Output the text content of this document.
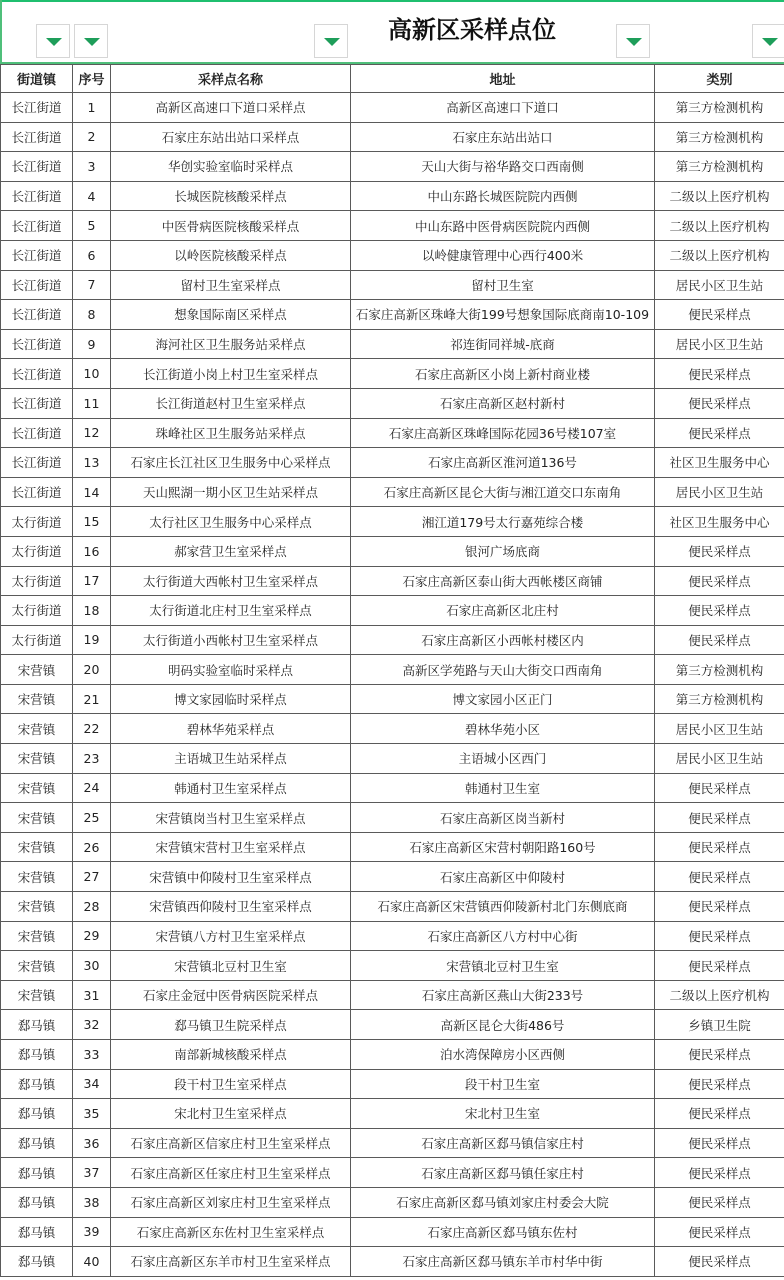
高新区采样点位
街道镇	序号	采样点名称	地址	类别
长江街道	1	高新区高速口下道口采样点	高新区高速口下道口	第三方检测机构
长江街道	2	石家庄东站出站口采样点	石家庄东站出站口	第三方检测机构
长江街道	3	华创实验室临时采样点	天山大街与裕华路交口西南侧	第三方检测机构
长江街道	4	长城医院核酸采样点	中山东路长城医院院内西侧	二级以上医疗机构
长江街道	5	中医骨病医院核酸采样点	中山东路中医骨病医院院内西侧	二级以上医疗机构
长江街道	6	以岭医院核酸采样点	以岭健康管理中心西行400米	二级以上医疗机构
长江街道	7	留村卫生室采样点	留村卫生室	居民小区卫生站
长江街道	8	想象国际南区采样点	石家庄高新区珠峰大街199号想象国际底商南10-109	便民采样点
长江街道	9	海河社区卫生服务站采样点	祁连街同祥城-底商	居民小区卫生站
长江街道	10	长江街道小岗上村卫生室采样点	石家庄高新区小岗上新村商业楼	便民采样点
长江街道	11	长江街道赵村卫生室采样点	石家庄高新区赵村新村	便民采样点
长江街道	12	珠峰社区卫生服务站采样点	石家庄高新区珠峰国际花园36号楼107室	便民采样点
长江街道	13	石家庄长江社区卫生服务中心采样点	石家庄高新区淮河道136号	社区卫生服务中心
长江街道	14	天山熙湖一期小区卫生站采样点	石家庄高新区昆仑大街与湘江道交口东南角	居民小区卫生站
太行街道	15	太行社区卫生服务中心采样点	湘江道179号太行嘉苑综合楼	社区卫生服务中心
太行街道	16	郝家营卫生室采样点	银河广场底商	便民采样点
太行街道	17	太行街道大西帐村卫生室采样点	石家庄高新区泰山街大西帐楼区商铺	便民采样点
太行街道	18	太行街道北庄村卫生室采样点	石家庄高新区北庄村	便民采样点
太行街道	19	太行街道小西帐村卫生室采样点	石家庄高新区小西帐村楼区内	便民采样点
宋营镇	20	明码实验室临时采样点	高新区学苑路与天山大街交口西南角	第三方检测机构
宋营镇	21	博文家园临时采样点	博文家园小区正门	第三方检测机构
宋营镇	22	碧林华苑采样点	碧林华苑小区	居民小区卫生站
宋营镇	23	主语城卫生站采样点	主语城小区西门	居民小区卫生站
宋营镇	24	韩通村卫生室采样点	韩通村卫生室	便民采样点
宋营镇	25	宋营镇岗当村卫生室采样点	石家庄高新区岗当新村	便民采样点
宋营镇	26	宋营镇宋营村卫生室采样点	石家庄高新区宋营村朝阳路160号	便民采样点
宋营镇	27	宋营镇中仰陵村卫生室采样点	石家庄高新区中仰陵村	便民采样点
宋营镇	28	宋营镇西仰陵村卫生室采样点	石家庄高新区宋营镇西仰陵新村北门东侧底商	便民采样点
宋营镇	29	宋营镇八方村卫生室采样点	石家庄高新区八方村中心街	便民采样点
宋营镇	30	宋营镇北豆村卫生室	宋营镇北豆村卫生室	便民采样点
宋营镇	31	石家庄金冠中医骨病医院采样点	石家庄高新区燕山大街233号	二级以上医疗机构
郄马镇	32	郄马镇卫生院采样点	高新区昆仑大街486号	乡镇卫生院
郄马镇	33	南部新城核酸采样点	泊水湾保障房小区西侧	便民采样点
郄马镇	34	段干村卫生室采样点	段干村卫生室	便民采样点
郄马镇	35	宋北村卫生室采样点	宋北村卫生室	便民采样点
郄马镇	36	石家庄高新区信家庄村卫生室采样点	石家庄高新区郄马镇信家庄村	便民采样点
郄马镇	37	石家庄高新区任家庄村卫生室采样点	石家庄高新区郄马镇任家庄村	便民采样点
郄马镇	38	石家庄高新区刘家庄村卫生室采样点	石家庄高新区郄马镇刘家庄村委会大院	便民采样点
郄马镇	39	石家庄高新区东佐村卫生室采样点	石家庄高新区郄马镇东佐村	便民采样点
郄马镇	40	石家庄高新区东羊市村卫生室采样点	石家庄高新区郄马镇东羊市村华中街	便民采样点
